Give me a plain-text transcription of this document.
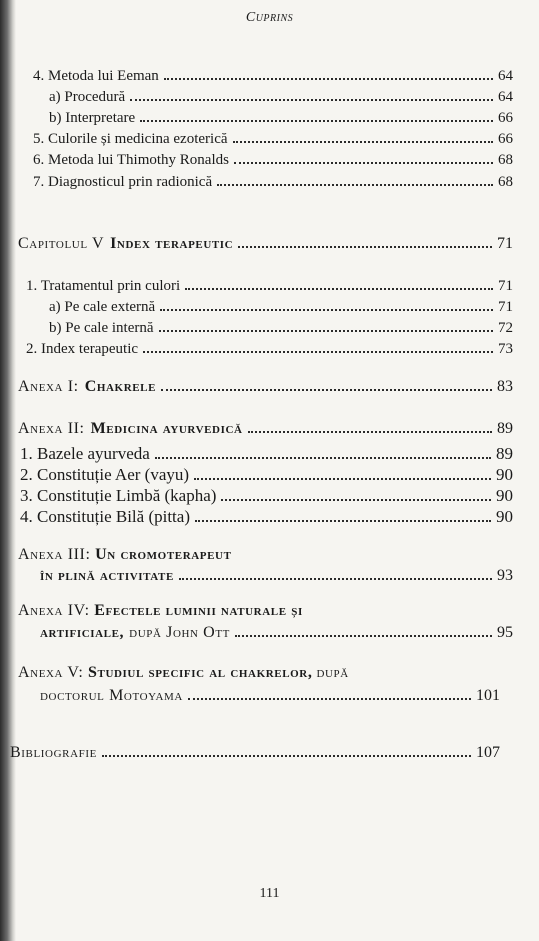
Cuprins
4. Metoda lui Eeman	64
a) Procedură	64
b) Interpretare	66
5. Culorile și medicina ezoterică	66
6. Metoda lui Thimothy Ronalds	68
7. Diagnosticul prin radionică	68
Capitolul V Index terapeutic	71
1. Tratamentul prin culori	71
a) Pe cale externă	71
b) Pe cale internă	72
2. Index terapeutic	73
Anexa I: Chakrele	83
Anexa II: Medicina ayurvedică	89
1. Bazele ayurveda	89
2. Constituție Aer (vayu)	90
3. Constituție Limbă (kapha)	90
4. Constituție Bilă (pitta)	90
Anexa III: Un cromoterapeut
în plină activitate	93
Anexa IV: Efectele luminii naturale și
artificiale, după John Ott	95
Anexa V: Studiul specific al chakrelor, după
doctorul Motoyama	101
Bibliografie	107
111
